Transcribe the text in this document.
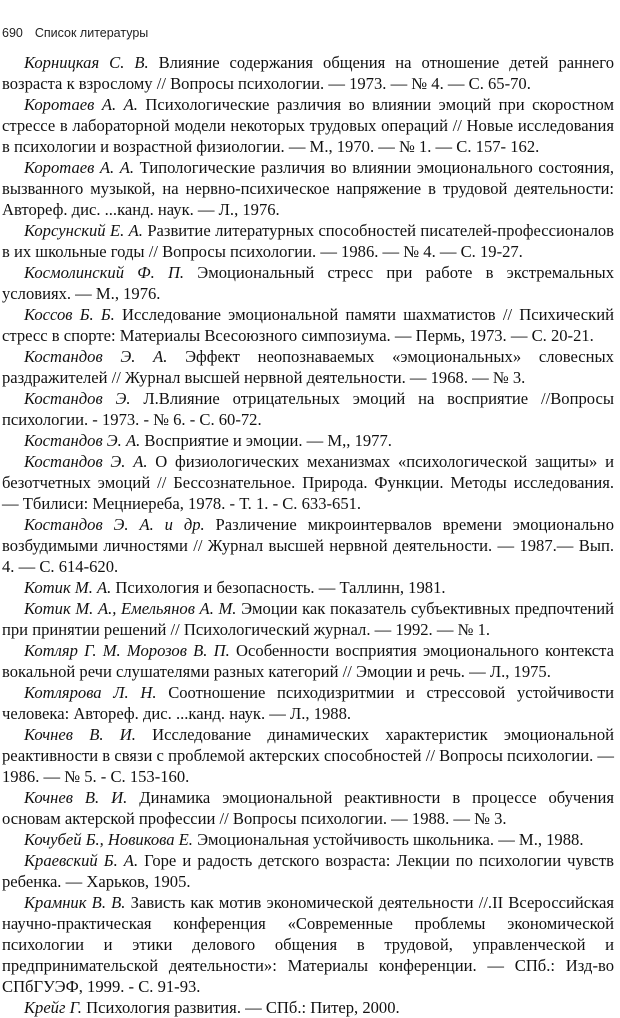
690 Список литературы

Корницкая С. В. Влияние содержания общения на отношение детей раннего возраста к взрослому // Вопросы психологии. — 1973. — № 4. — С. 65-70.

Коротаев А. А. Психологические различия во влиянии эмоций при скоростном стрессе в лабораторной модели некоторых трудовых операций // Новые исследования в психологии и возрастной физиологии. — М., 1970. — № 1. — С. 157- 162.

Коротаев А. А. Типологические различия во влиянии эмоционального состояния, вызванного музыкой, на нервно-психическое напряжение в трудовой деятельности: Автореф. дис. ...канд. наук. — Л., 1976.

Корсунский Е. А. Развитие литературных способностей писателей-профессионалов в их школьные годы // Вопросы психологии. — 1986. — № 4. — С. 19-27.

Космолинский Ф. П. Эмоциональный стресс при работе в экстремальных условиях. — М., 1976.

Коссов Б. Б. Исследование эмоциональной памяти шахматистов // Психический стресс в спорте: Материалы Всесоюзного симпозиума. — Пермь, 1973. — С. 20-21.

Костандов Э. А. Эффект неопознаваемых «эмоциональных» словесных раздражителей // Журнал высшей нервной деятельности. — 1968. — № 3.

Костандов Э. Л.Влияние отрицательных эмоций на восприятие //Вопросы психологии. - 1973. - № 6. - С. 60-72.

Костандов Э. А. Восприятие и эмоции. — М,, 1977.

Костандов Э. А. О физиологических механизмах «психологической защиты» и безотчетных эмоций // Бессознательное. Природа. Функции. Методы исследования. — Тбилиси: Мецниереба, 1978. - Т. 1. - С. 633-651.

Костандов Э. А. и др. Различение микроинтервалов времени эмоционально возбудимыми личностями // Журнал высшей нервной деятельности. — 1987.— Вып. 4. — С. 614-620.

Котик М. А. Психология и безопасность. — Таллинн, 1981.

Котик М. А., Емельянов А. М. Эмоции как показатель субъективных предпочтений при принятии решений // Психологический журнал. — 1992. — № 1.

Котляр Г. М. Морозов В. П. Особенности восприятия эмоционального контекста вокальной речи слушателями разных категорий // Эмоции и речь. — Л., 1975.

Котлярова Л. Н. Соотношение психодизритмии и стрессовой устойчивости человека: Автореф. дис. ...канд. наук. — Л., 1988.

Кочнев В. И. Исследование динамических характеристик эмоциональной реактивности в связи с проблемой актерских способностей // Вопросы психологии. — 1986. — № 5. - С. 153-160.

Кочнев В. И. Динамика эмоциональной реактивности в процессе обучения основам актерской профессии // Вопросы психологии. — 1988. — № 3.

Кочубей Б., Новикова Е. Эмоциональная устойчивость школьника. — М., 1988.

Краевский Б. А. Горе и радость детского возраста: Лекции по психологии чувств ребенка. — Харьков, 1905.

Крамник В. В. Зависть как мотив экономической деятельности //.II Всероссийская научно-практическая конференция «Современные проблемы экономической психологии и этики делового общения в трудовой, управленческой и предпринимательской деятельности»: Материалы конференции. — СПб.: Изд-во СПбГУЭФ, 1999. - С. 91-93.

Крейг Г. Психология развития. — СПб.: Питер, 2000.
